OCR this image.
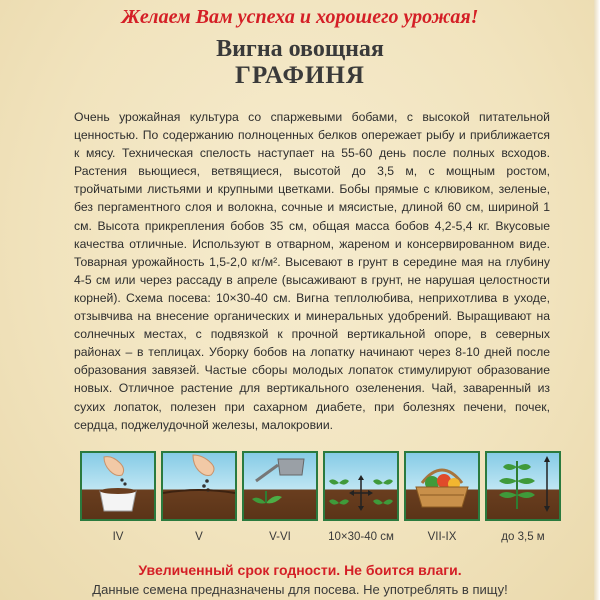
Желаем Вам успеха и хорошего урожая!
Вигна овощная
ГРАФИНЯ

Очень урожайная культура со спаржевыми бобами, с высокой питательной ценностью. По содержанию полноценных белков опережает рыбу и приближается к мясу. Техническая спелость наступает на 55-60 день после полных всходов. Растения вьющиеся, ветвящиеся, высотой до 3,5 м, с мощным ростом, тройчатыми листьями и крупными цветками. Бобы прямые с клювиком, зеленые, без пергаментного слоя и волокна, сочные и мясистые, длиной 60 см, шириной 1 см. Высота прикрепления бобов 35 см, общая масса бобов 4,2-5,4 кг. Вкусовые качества отличные. Используют в отварном, жареном и консервированном виде. Товарная урожайность 1,5-2,0 кг/м². Высевают в грунт в середине мая на глубину 4-5 см или через рассаду в апреле (высаживают в грунт, не нарушая целостности корней). Схема посева: 10×30-40 см. Вигна теплолюбива, неприхотлива в уходе, отзывчива на внесение органических и минеральных удобрений. Выращивают на солнечных местах, с подвязкой к прочной вертикальной опоре, в северных районах – в теплицах. Уборку бобов на лопатку начинают через 8-10 дней после образования завязей. Частые сборы молодых лопаток стимулируют образование новых. Отличное растение для вертикального озеленения. Чай, заваренный из сухих лопаток, полезен при сахарном диабете, при болезнях печени, почек, сердца, поджелудочной железы, малокровии.

IV	V	V-VI	10×30-40 см	VII-IX	до 3,5 м
Увеличенный срок годности. Не боится влаги.
Данные семена предназначены для посева. Не употреблять в пищу!
